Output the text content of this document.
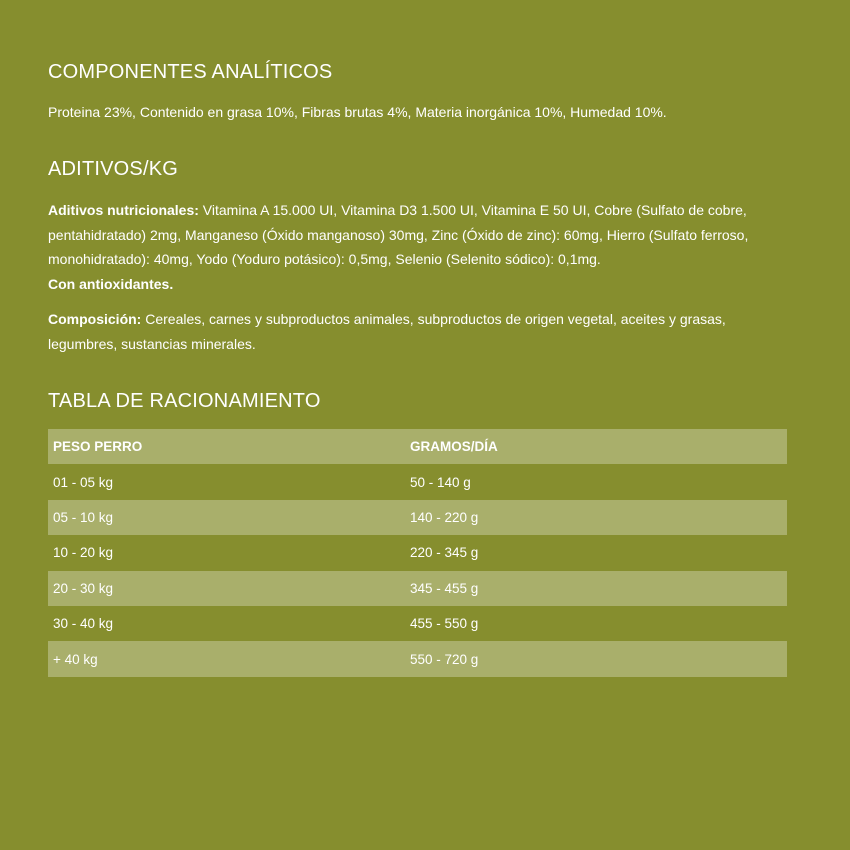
COMPONENTES ANALÍTICOS

Proteina 23%, Contenido en grasa 10%, Fibras brutas 4%, Materia inorgánica 10%, Humedad 10%.

ADITIVOS/KG

Aditivos nutricionales: Vitamina A 15.000 UI, Vitamina D3 1.500 UI, Vitamina E 50 UI, Cobre (Sulfato de cobre, pentahidratado) 2mg, Manganeso (Óxido manganoso) 30mg, Zinc (Óxido de zinc): 60mg, Hierro (Sulfato ferroso, monohidratado): 40mg, Yodo (Yoduro potásico): 0,5mg, Selenio (Selenito sódico): 0,1mg.
Con antioxidantes.

Composición: Cereales, carnes y subproductos animales, subproductos de origen vegetal, aceites y grasas, legumbres, sustancias minerales.

TABLA DE RACIONAMIENTO
PESO PERRO	GRAMOS/DÍA
01 - 05 kg	50 - 140 g
05 - 10 kg	140 - 220 g
10 - 20 kg	220 - 345 g
20 - 30 kg	345 - 455 g
30 - 40 kg	455 - 550 g
+ 40 kg	550 - 720 g
